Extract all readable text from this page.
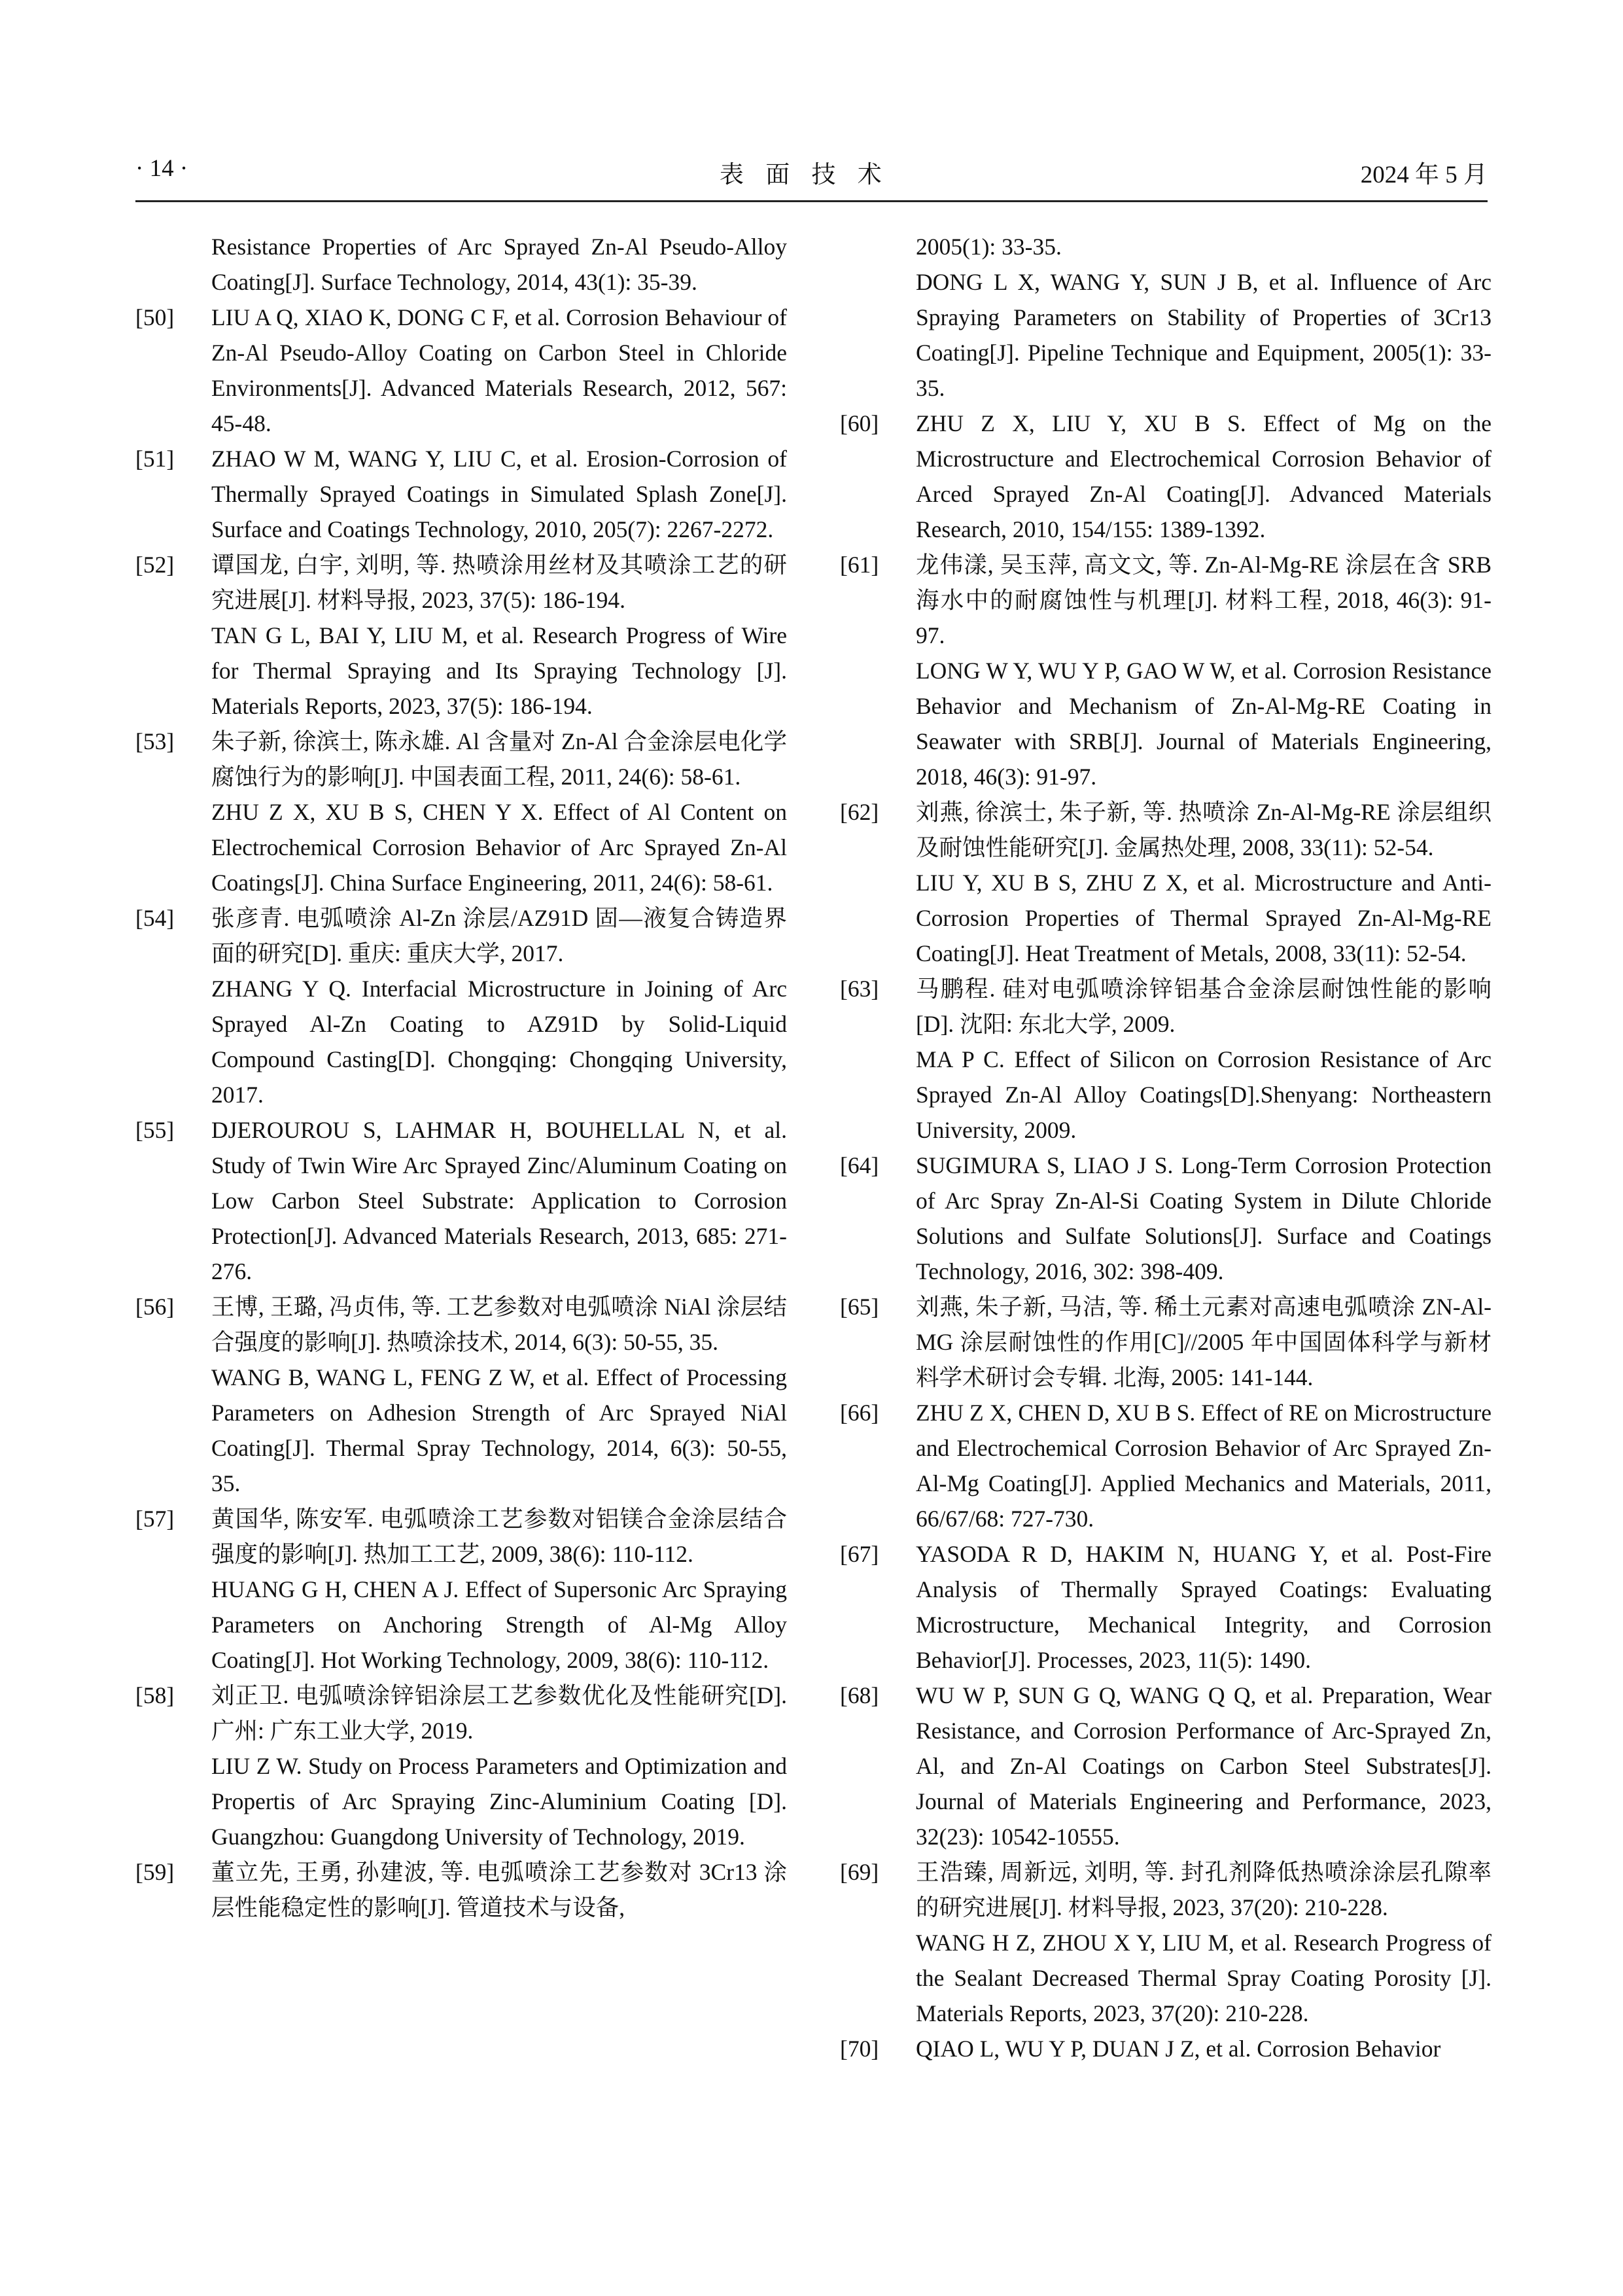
· 14 ·	表面技术	2024 年 5 月
Resistance Properties of Arc Sprayed Zn-Al Pseudo-Alloy Coating[J]. Surface Technology, 2014, 43(1): 35-39.
[50] LIU A Q, XIAO K, DONG C F, et al. Corrosion Behaviour of Zn-Al Pseudo-Alloy Coating on Carbon Steel in Chloride Environments[J]. Advanced Materials Research, 2012, 567: 45-48.
[51] ZHAO W M, WANG Y, LIU C, et al. Erosion-Corrosion of Thermally Sprayed Coatings in Simulated Splash Zone[J]. Surface and Coatings Technology, 2010, 205(7): 2267-2272.
[52] 谭国龙, 白宇, 刘明, 等. 热喷涂用丝材及其喷涂工艺的研究进展[J]. 材料导报, 2023, 37(5): 186-194.
TAN G L, BAI Y, LIU M, et al. Research Progress of Wire for Thermal Spraying and Its Spraying Technology [J]. Materials Reports, 2023, 37(5): 186-194.
[53] 朱子新, 徐滨士, 陈永雄. Al 含量对 Zn-Al 合金涂层电化学腐蚀行为的影响[J]. 中国表面工程, 2011, 24(6): 58-61.
ZHU Z X, XU B S, CHEN Y X. Effect of Al Content on Electrochemical Corrosion Behavior of Arc Sprayed Zn-Al Coatings[J]. China Surface Engineering, 2011, 24(6): 58-61.
[54] 张彦青. 电弧喷涂 Al-Zn 涂层/AZ91D 固—液复合铸造界面的研究[D]. 重庆: 重庆大学, 2017.
ZHANG Y Q. Interfacial Microstructure in Joining of Arc Sprayed Al-Zn Coating to AZ91D by Solid-Liquid Compound Casting[D]. Chongqing: Chongqing University, 2017.
[55] DJEROUROU S, LAHMAR H, BOUHELLAL N, et al. Study of Twin Wire Arc Sprayed Zinc/Aluminum Coating on Low Carbon Steel Substrate: Application to Corrosion Protection[J]. Advanced Materials Research, 2013, 685: 271-276.
[56] 王博, 王璐, 冯贞伟, 等. 工艺参数对电弧喷涂 NiAl 涂层结合强度的影响[J]. 热喷涂技术, 2014, 6(3): 50-55, 35.
WANG B, WANG L, FENG Z W, et al. Effect of Processing Parameters on Adhesion Strength of Arc Sprayed NiAl Coating[J]. Thermal Spray Technology, 2014, 6(3): 50-55, 35.
[57] 黄国华, 陈安军. 电弧喷涂工艺参数对铝镁合金涂层结合强度的影响[J]. 热加工工艺, 2009, 38(6): 110-112.
HUANG G H, CHEN A J. Effect of Supersonic Arc Spraying Parameters on Anchoring Strength of Al-Mg Alloy Coating[J]. Hot Working Technology, 2009, 38(6): 110-112.
[58] 刘正卫. 电弧喷涂锌铝涂层工艺参数优化及性能研究[D]. 广州: 广东工业大学, 2019.
LIU Z W. Study on Process Parameters and Optimization and Propertis of Arc Spraying Zinc-Aluminium Coating [D]. Guangzhou: Guangdong University of Technology, 2019.
[59] 董立先, 王勇, 孙建波, 等. 电弧喷涂工艺参数对 3Cr13 涂层性能稳定性的影响[J]. 管道技术与设备,
2005(1): 33-35.
DONG L X, WANG Y, SUN J B, et al. Influence of Arc Spraying Parameters on Stability of Properties of 3Cr13 Coating[J]. Pipeline Technique and Equipment, 2005(1): 33-35.
[60] ZHU Z X, LIU Y, XU B S. Effect of Mg on the Microstructure and Electrochemical Corrosion Behavior of Arced Sprayed Zn-Al Coating[J]. Advanced Materials Research, 2010, 154/155: 1389-1392.
[61] 龙伟漾, 吴玉萍, 高文文, 等. Zn-Al-Mg-RE 涂层在含 SRB 海水中的耐腐蚀性与机理[J]. 材料工程, 2018, 46(3): 91-97.
LONG W Y, WU Y P, GAO W W, et al. Corrosion Resistance Behavior and Mechanism of Zn-Al-Mg-RE Coating in Seawater with SRB[J]. Journal of Materials Engineering, 2018, 46(3): 91-97.
[62] 刘燕, 徐滨士, 朱子新, 等. 热喷涂 Zn-Al-Mg-RE 涂层组织及耐蚀性能研究[J]. 金属热处理, 2008, 33(11): 52-54.
LIU Y, XU B S, ZHU Z X, et al. Microstructure and Anti-Corrosion Properties of Thermal Sprayed Zn-Al-Mg-RE Coating[J]. Heat Treatment of Metals, 2008, 33(11): 52-54.
[63] 马鹏程. 硅对电弧喷涂锌铝基合金涂层耐蚀性能的影响[D]. 沈阳: 东北大学, 2009.
MA P C. Effect of Silicon on Corrosion Resistance of Arc Sprayed Zn-Al Alloy Coatings[D].Shenyang: Northeastern University, 2009.
[64] SUGIMURA S, LIAO J S. Long-Term Corrosion Protection of Arc Spray Zn-Al-Si Coating System in Dilute Chloride Solutions and Sulfate Solutions[J]. Surface and Coatings Technology, 2016, 302: 398-409.
[65] 刘燕, 朱子新, 马洁, 等. 稀土元素对高速电弧喷涂 ZN-Al-MG 涂层耐蚀性的作用[C]//2005 年中国固体科学与新材料学术研讨会专辑. 北海, 2005: 141-144.
[66] ZHU Z X, CHEN D, XU B S. Effect of RE on Microstructure and Electrochemical Corrosion Behavior of Arc Sprayed Zn-Al-Mg Coating[J]. Applied Mechanics and Materials, 2011, 66/67/68: 727-730.
[67] YASODA R D, HAKIM N, HUANG Y, et al. Post-Fire Analysis of Thermally Sprayed Coatings: Evaluating Microstructure, Mechanical Integrity, and Corrosion Behavior[J]. Processes, 2023, 11(5): 1490.
[68] WU W P, SUN G Q, WANG Q Q, et al. Preparation, Wear Resistance, and Corrosion Performance of Arc-Sprayed Zn, Al, and Zn-Al Coatings on Carbon Steel Substrates[J]. Journal of Materials Engineering and Performance, 2023, 32(23): 10542-10555.
[69] 王浩臻, 周新远, 刘明, 等. 封孔剂降低热喷涂涂层孔隙率的研究进展[J]. 材料导报, 2023, 37(20): 210-228.
WANG H Z, ZHOU X Y, LIU M, et al. Research Progress of the Sealant Decreased Thermal Spray Coating Porosity [J]. Materials Reports, 2023, 37(20): 210-228.
[70] QIAO L, WU Y P, DUAN J Z, et al. Corrosion Behavior
